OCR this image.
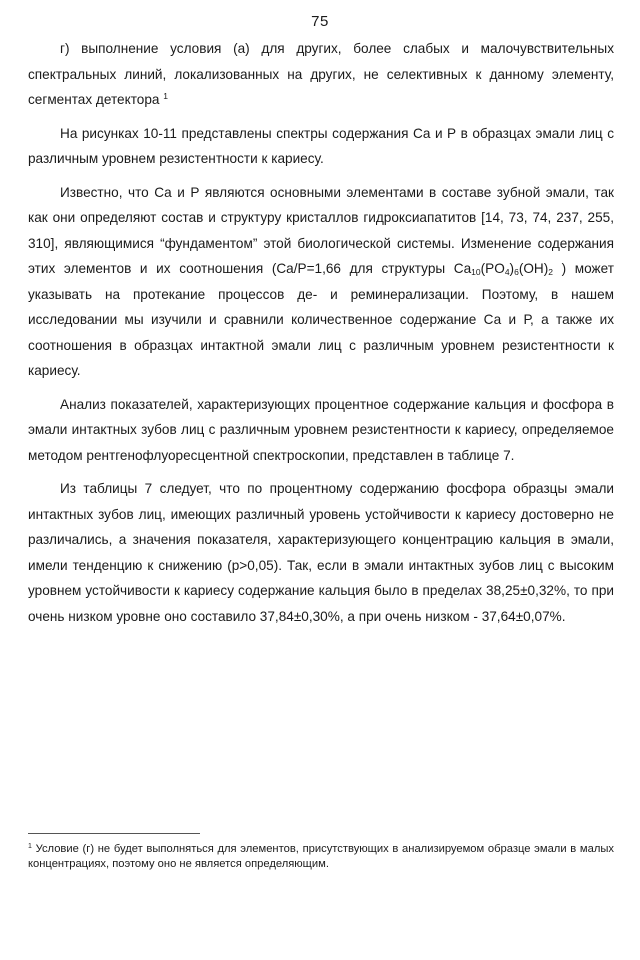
75

г) выполнение условия (а) для других, более слабых и малочувствительных спектральных линий, локализованных на других, не селективных к данному элементу, сегментах детектора $^1$

На рисунках 10-11 представлены спектры содержания Са и Р в образцах эмали лиц с различным уровнем резистентности к кариесу.

Известно, что Са и Р являются основными элементами в составе зубной эмали, так как они определяют состав и структуру кристаллов гидроксиапатитов [14, 73, 74, 237, 255, 310], являющимися “фундаментом” этой биологической системы. Изменение содержания этих элементов и их соотношения (Ca/P=1,66 для структуры $Ca_{10}(PO_4)_6(OH)_2$ ) может указывать на протекание процессов де- и реминерализации. Поэтому, в нашем исследовании мы изучили и сравнили количественное содержание Са и Р, а также их соотношения в образцах интактной эмали лиц с различным уровнем резистентности к кариесу.

Анализ показателей, характеризующих процентное содержание кальция и фосфора в эмали интактных зубов лиц с различным уровнем резистентности к кариесу, определяемое методом рентгенофлуоресцентной спектроскопии, представлен в таблице 7.

Из таблицы 7 следует, что по процентному содержанию фосфора образцы эмали интактных зубов лиц, имеющих различный уровень устойчивости к кариесу достоверно не различались, а значения показателя, характеризующего концентрацию кальция в эмали, имели тенденцию к снижению (р>0,05). Так, если в эмали интактных зубов лиц с высоким уровнем устойчивости к кариесу содержание кальция было в пределах 38,25±0,32%, то при очень низком уровне оно составило 37,84±0,30%, а при очень низком - 37,64±0,07%.

$^1$ Условие (г) не будет выполняться для элементов, присутствующих в анализируемом образце эмали в малых концентрациях, поэтому оно не является определяющим.
